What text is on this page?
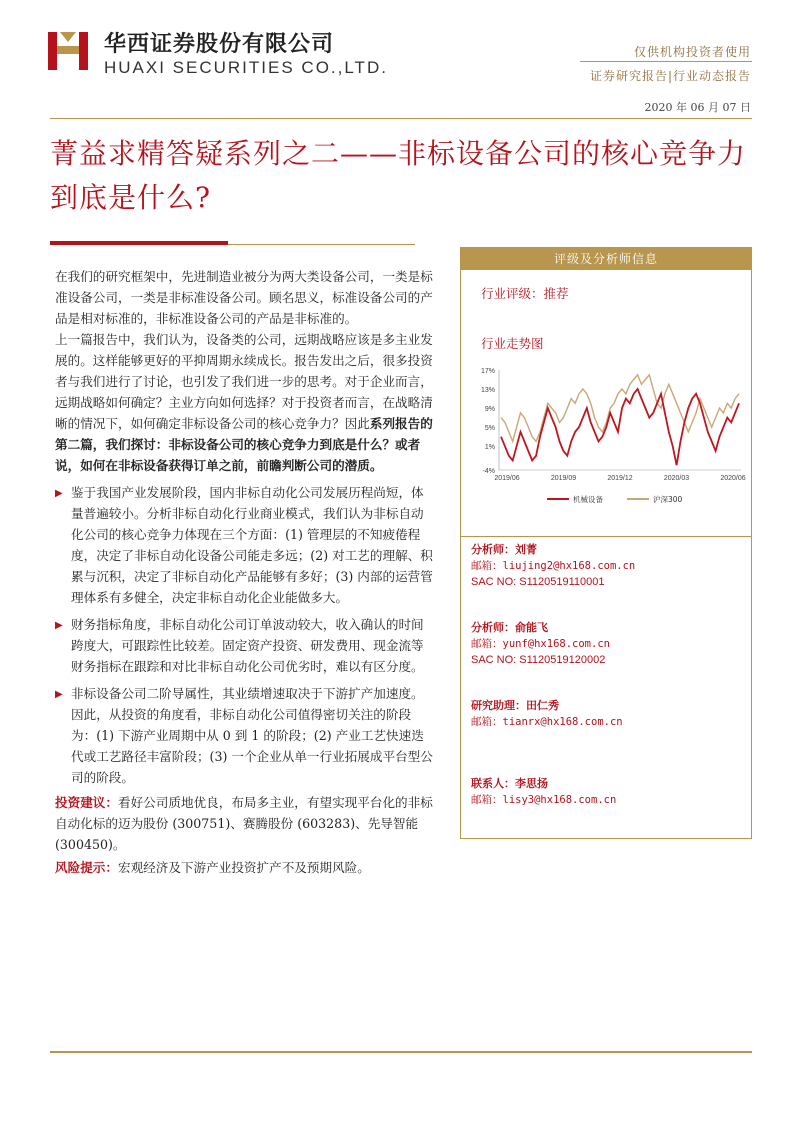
华西证券股份有限公司
HUAXI SECURITIES CO.,LTD.
仅供机构投资者使用
证券研究报告|行业动态报告
2020 年 06 月 07 日
菁益求精答疑系列之二——非标设备公司的核心竞争力到底是什么?

在我们的研究框架中，先进制造业被分为两大类设备公司，一类是标准设备公司，一类是非标准设备公司。顾名思义，标准设备公司的产品是相对标准的，非标准设备公司的产品是非标准的。

上一篇报告中，我们认为，设备类的公司，远期战略应该是多主业发展的。这样能够更好的平抑周期永续成长。报告发出之后，很多投资者与我们进行了讨论，也引发了我们进一步的思考。对于企业而言，远期战略如何确定？主业方向如何选择？对于投资者而言，在战略清晰的情况下，如何确定非标设备公司的核心竞争力？因此系列报告的第二篇，我们探讨：非标设备公司的核心竞争力到底是什么？或者说，如何在非标设备获得订单之前，前瞻判断公司的潜质。

▶ 鉴于我国产业发展阶段，国内非标自动化公司发展历程尚短，体量普遍较小。分析非标自动化行业商业模式，我们认为非标自动化公司的核心竞争力体现在三个方面：(1) 管理层的不知疲倦程度，决定了非标自动化设备公司能走多远；(2) 对工艺的理解、积累与沉积，决定了非标自动化产品能够有多好；(3) 内部的运营管理体系有多健全，决定非标自动化企业能做多大。
▶ 财务指标角度，非标自动化公司订单波动较大，收入确认的时间跨度大，可跟踪性比较差。固定资产投资、研发费用、现金流等财务指标在跟踪和对比非标自动化公司优劣时，难以有区分度。
▶ 非标设备公司二阶导属性，其业绩增速取决于下游扩产加速度。因此，从投资的角度看，非标自动化公司值得密切关注的阶段为：(1) 下游产业周期中从 0 到 1 的阶段；(2) 产业工艺快速迭代或工艺路径丰富阶段；(3) 一个企业从单一行业拓展成平台型公司的阶段。

投资建议：看好公司质地优良，布局多主业，有望实现平台化的非标自动化标的迈为股份 (300751)、赛腾股份 (603283)、先导智能 (300450)。

风险提示：宏观经济及下游产业投资扩产不及预期风险。

评级及分析师信息
行业评级：推荐
行业走势图
17%
13%
9%
5%
1%
-4%
2019/06	2019/09	2019/12	2020/03	2020/06
机械设备	沪深300
分析师：刘菁
邮箱：liujing2@hx168.com.cn
SAC NO: S1120519110001
分析师：俞能飞
邮箱：yunf@hx168.com.cn
SAC NO: S1120519120002
研究助理：田仁秀
邮箱：tianrx@hx168.com.cn
联系人：李思扬
邮箱：lisy3@hx168.com.cn
